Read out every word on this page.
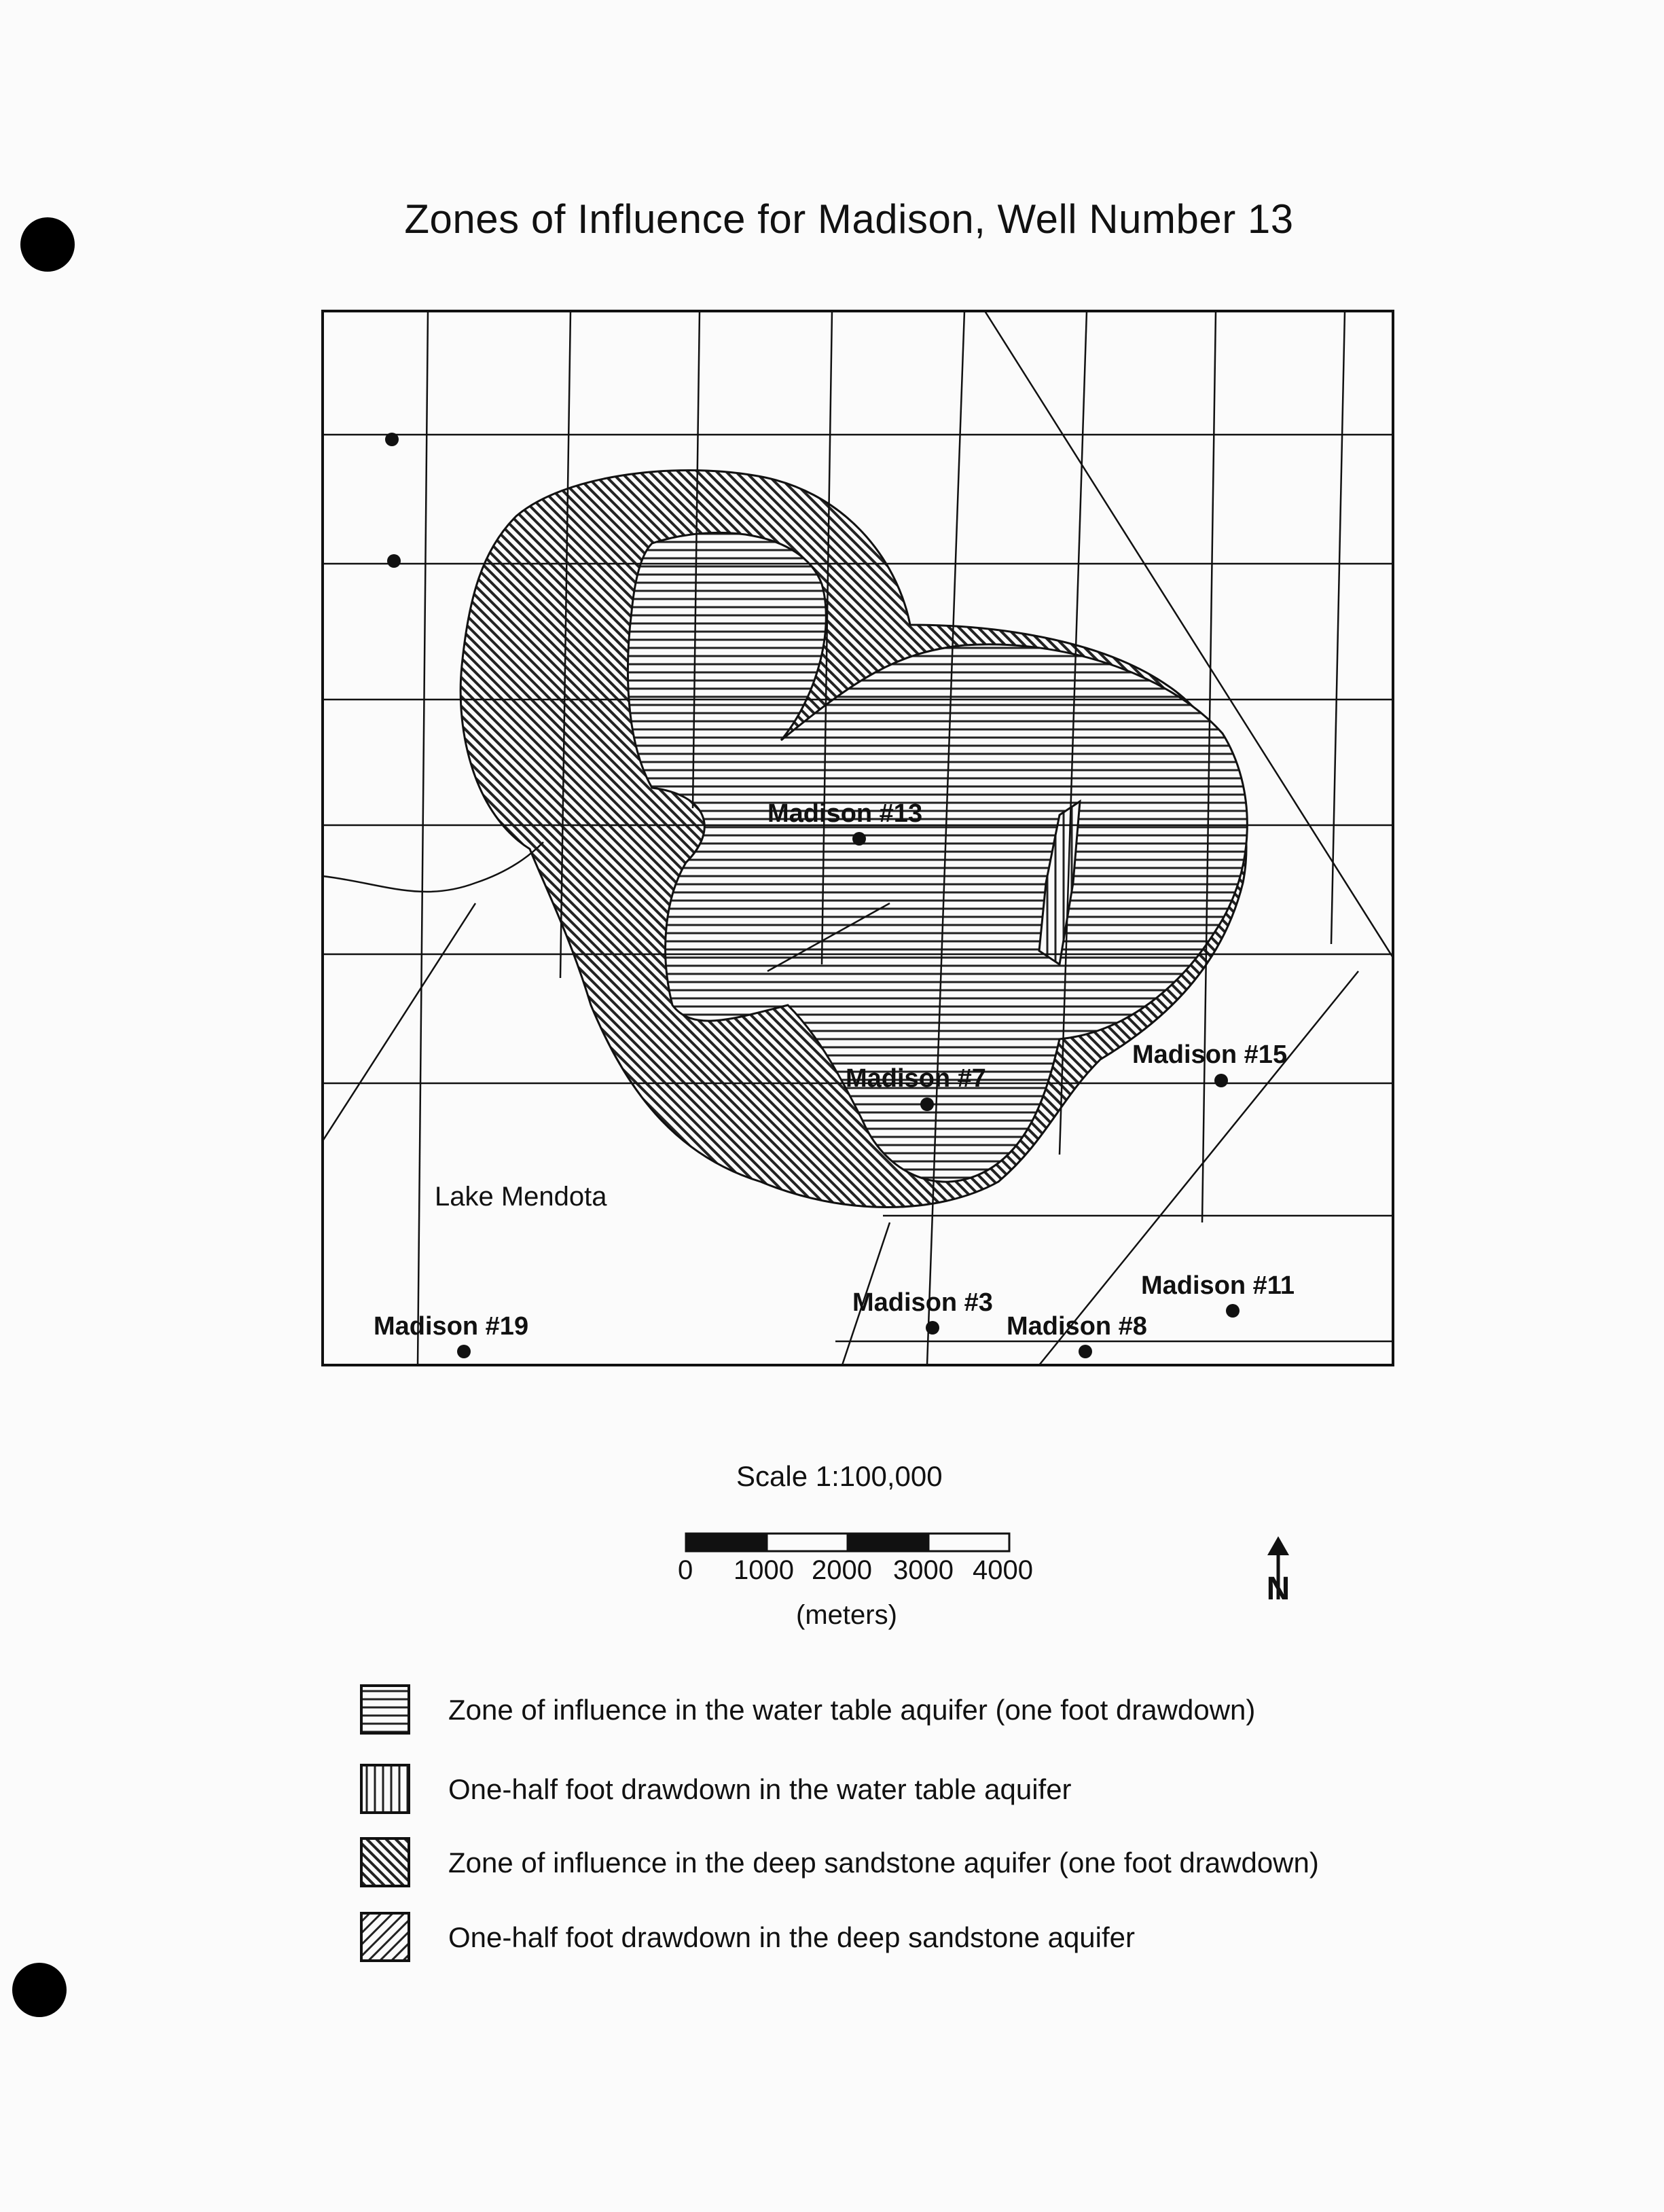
Zones of Influence for Madison, Well Number 13
Madison #13
Madison #7
Madison #15
Madison #11
Madison #3
Madison #8
Madison #19
Lake Mendota
N
Scale 1:100,000
0 1000 2000 3000 4000
(meters)
Zone of influence in the water table aquifer (one foot drawdown)
One-half foot drawdown in the water table aquifer
Zone of influence in the deep sandstone aquifer (one foot drawdown)
One-half foot drawdown in the deep sandstone aquifer
